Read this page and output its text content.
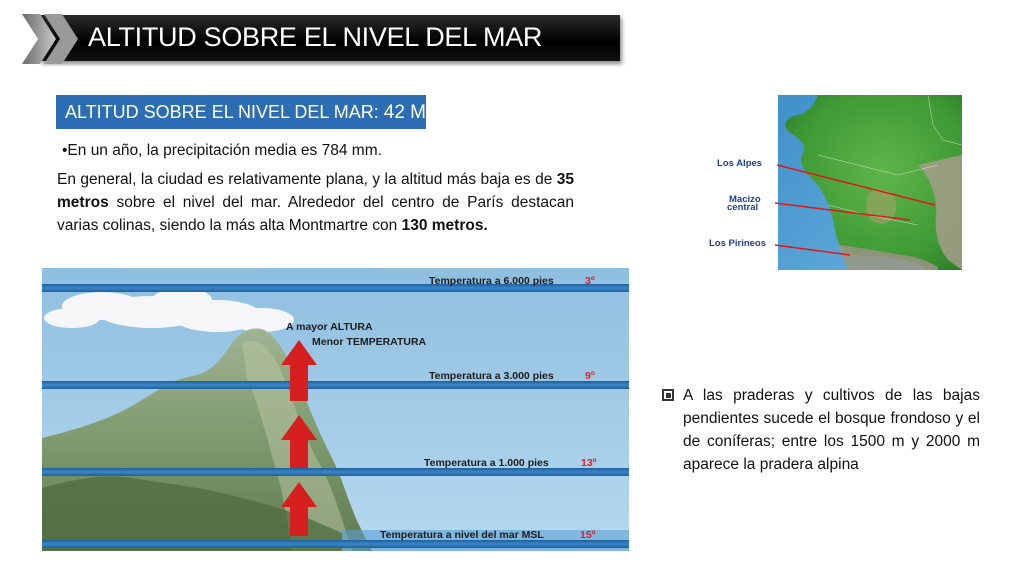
ALTITUD SOBRE EL NIVEL DEL MAR
ALTITUD SOBRE EL NIVEL DEL MAR: 42 M
•En un año, la precipitación media es 784 mm.
En general, la ciudad es relativamente plana, y la altitud más baja es de 35 metros sobre el nivel del mar. Alrededor del centro de París destacan varias colinas, siendo la más alta Montmartre con 130 metros.
A mayor ALTURA
Menor TEMPERATURA
Temperatura a 6.000 pies	3º
Temperatura a 3.000 pies	9º
Temperatura a 1.000 pies	13º
Temperatura a nivel del mar MSL	15º
Los Alpes
Macizo
central
Los Pirineos
A las praderas y cultivos de las bajas pendientes sucede el bosque frondoso y el de coníferas; entre los 1500 m y 2000 m aparece la pradera alpina
